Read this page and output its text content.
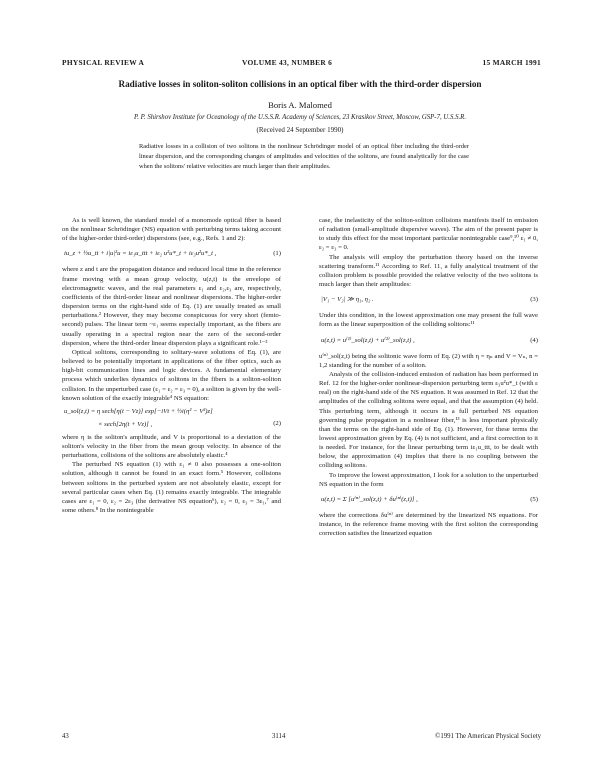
PHYSICAL REVIEW A	VOLUME 43, NUMBER 6	15 MARCH 1991
Radiative losses in soliton-soliton collisions in an optical fiber with the third-order dispersion
Boris A. Malomed
P. P. Shirshov Institute for Oceanology of the U.S.S.R. Academy of Sciences, 23 Krasikov Street, Moscow, GSP-7, U.S.S.R.
(Received 24 September 1990)
Radiative losses in a collision of two solitons in the nonlinear Schrödinger model of an optical fiber including the third-order linear dispersion, and the corresponding changes of amplitudes and velocities of the solitons, are found analytically for the case when the solitons' relative velocities are much larger than their amplitudes.

As is well known, the standard model of a monomode optical fiber is based on the nonlinear Schrödinger (NS) equation with perturbing terms taking account of the higher-order third-order) dispersions (see, e.g., Refs. 1 and 2):

iu_z + ½u_tt + i|u|²u = iε₁u_ttt + iε₂ u²u*_t + iε₃u²u*_t ,	(1)

where z and t are the propagation distance and reduced local time in the reference frame moving with a mean group velocity, u(z,t) is the envelope of electromagnetic waves, and the real parameters ε₁ and ε₂,ε₃ are, respectively, coefficients of the third-order linear and nonlinear dispersions. The higher-order dispersion terms on the right-hand side of Eq. (1) are usually treated as small perturbations.² However, they may become conspicuous for very short (femto-second) pulses. The linear term ~ε₁ seems especially important, as the fibers are usually operating in a spectral region near the zero of the second-order dispersion, where the third-order linear dispersion plays a significant role.¹⁻³

Optical solitons, corresponding to solitary-wave solutions of Eq. (1), are believed to be potentially important in applications of the fiber optics, such as high-bit communication lines and logic devices. A fundamental elementary process which underlies dynamics of solitons in the fibers is a soliton-soliton collision. In the unperturbed case (ε₁ = ε₂ = ε₃ = 0), a soliton is given by the well-known solution of the exactly integrable⁴ NS equation:

u_sol(z,t) = η sech[η(t − Vz)] exp[−iVt + ½i(η² − V²)z]
× sech[2η(t + Vz)] ,	(2)

where η is the soliton's amplitude, and V is proportional to a deviation of the soliton's velocity in the fiber from the mean group velocity. In absence of the perturbations, collisions of the solitons are absolutely elastic.⁴

The perturbed NS equation (1) with ε₁ ≠ 0 also possesses a one-soliton solution, although it cannot be found in an exact form.⁵ However, collisions between solitons in the perturbed system are not absolutely elastic, except for several particular cases when Eq. (1) remains exactly integrable. The integrable cases are ε₁ = 0, ε₂ = 2ε₃ (the derivative NS equation⁶), ε₂ = 0, ε₃ = 3ε₁,⁷ and some others.⁸ In the nonintegrable

case, the inelasticity of the soliton-soliton collisions manifests itself in emission of radiation (small-amplitude dispersive waves). The aim of the present paper is to study this effect for the most important particular nonintegrable case⁹,¹⁰ ε₁ ≠ 0, ε₂ = ε₃ = 0.

The analysis will employ the perturbation theory based on the inverse scattering transform.¹¹ According to Ref. 11, a fully analytical treatment of the collision problem is possible provided the relative velocity of the two solitons is much larger than their amplitudes:

|V₁ − V₂| ≫ η₁, η₂ .	(3)

Under this condition, in the lowest approximation one may present the full wave form as the linear superposition of the colliding solitons:¹¹

u(z,t) = u⁽¹⁾_sol(z,t) + u⁽²⁾_sol(z,t) ,	(4)

u⁽ⁿ⁾_sol(z,t) being the solitonic wave form of Eq. (2) with η = ηₙ and V = Vₙ, n = 1,2 standing for the number of a soliton.

Analysis of the collision-induced emission of radiation has been performed in Ref. 12 for the higher-order nonlinear-dispersion perturbing term ε₃u²u*_t (with ε real) on the right-hand side of the NS equation. It was assumed in Ref. 12 that the amplitudes of the colliding solitons were equal, and that the assumption (4) held. This perturbing term, although it occurs in a full perturbed NS equation governing pulse propagation in a nonlinear fiber,¹³ is less important physically than the terms on the right-hand side of Eq. (1). However, for these terms the lowest approximation given by Eq. (4) is not sufficient, and a first correction to it is needed. For instance, for the linear perturbing term iε₁u_ttt, to be dealt with below, the approximation (4) implies that there is no coupling between the colliding solitons.

To improve the lowest approximation, I look for a solution to the unperturbed NS equation in the form

u(z,t) = Σ [u⁽ⁿ⁾_sol(z,t) + δu⁽ⁿ⁾(z,t)] ,	(5)

where the corrections δu⁽ⁿ⁾ are determined by the linearized NS equations. For instance, in the reference frame moving with the first soliton the corresponding correction satisfies the linearized equation

43	3114	©1991 The American Physical Society
